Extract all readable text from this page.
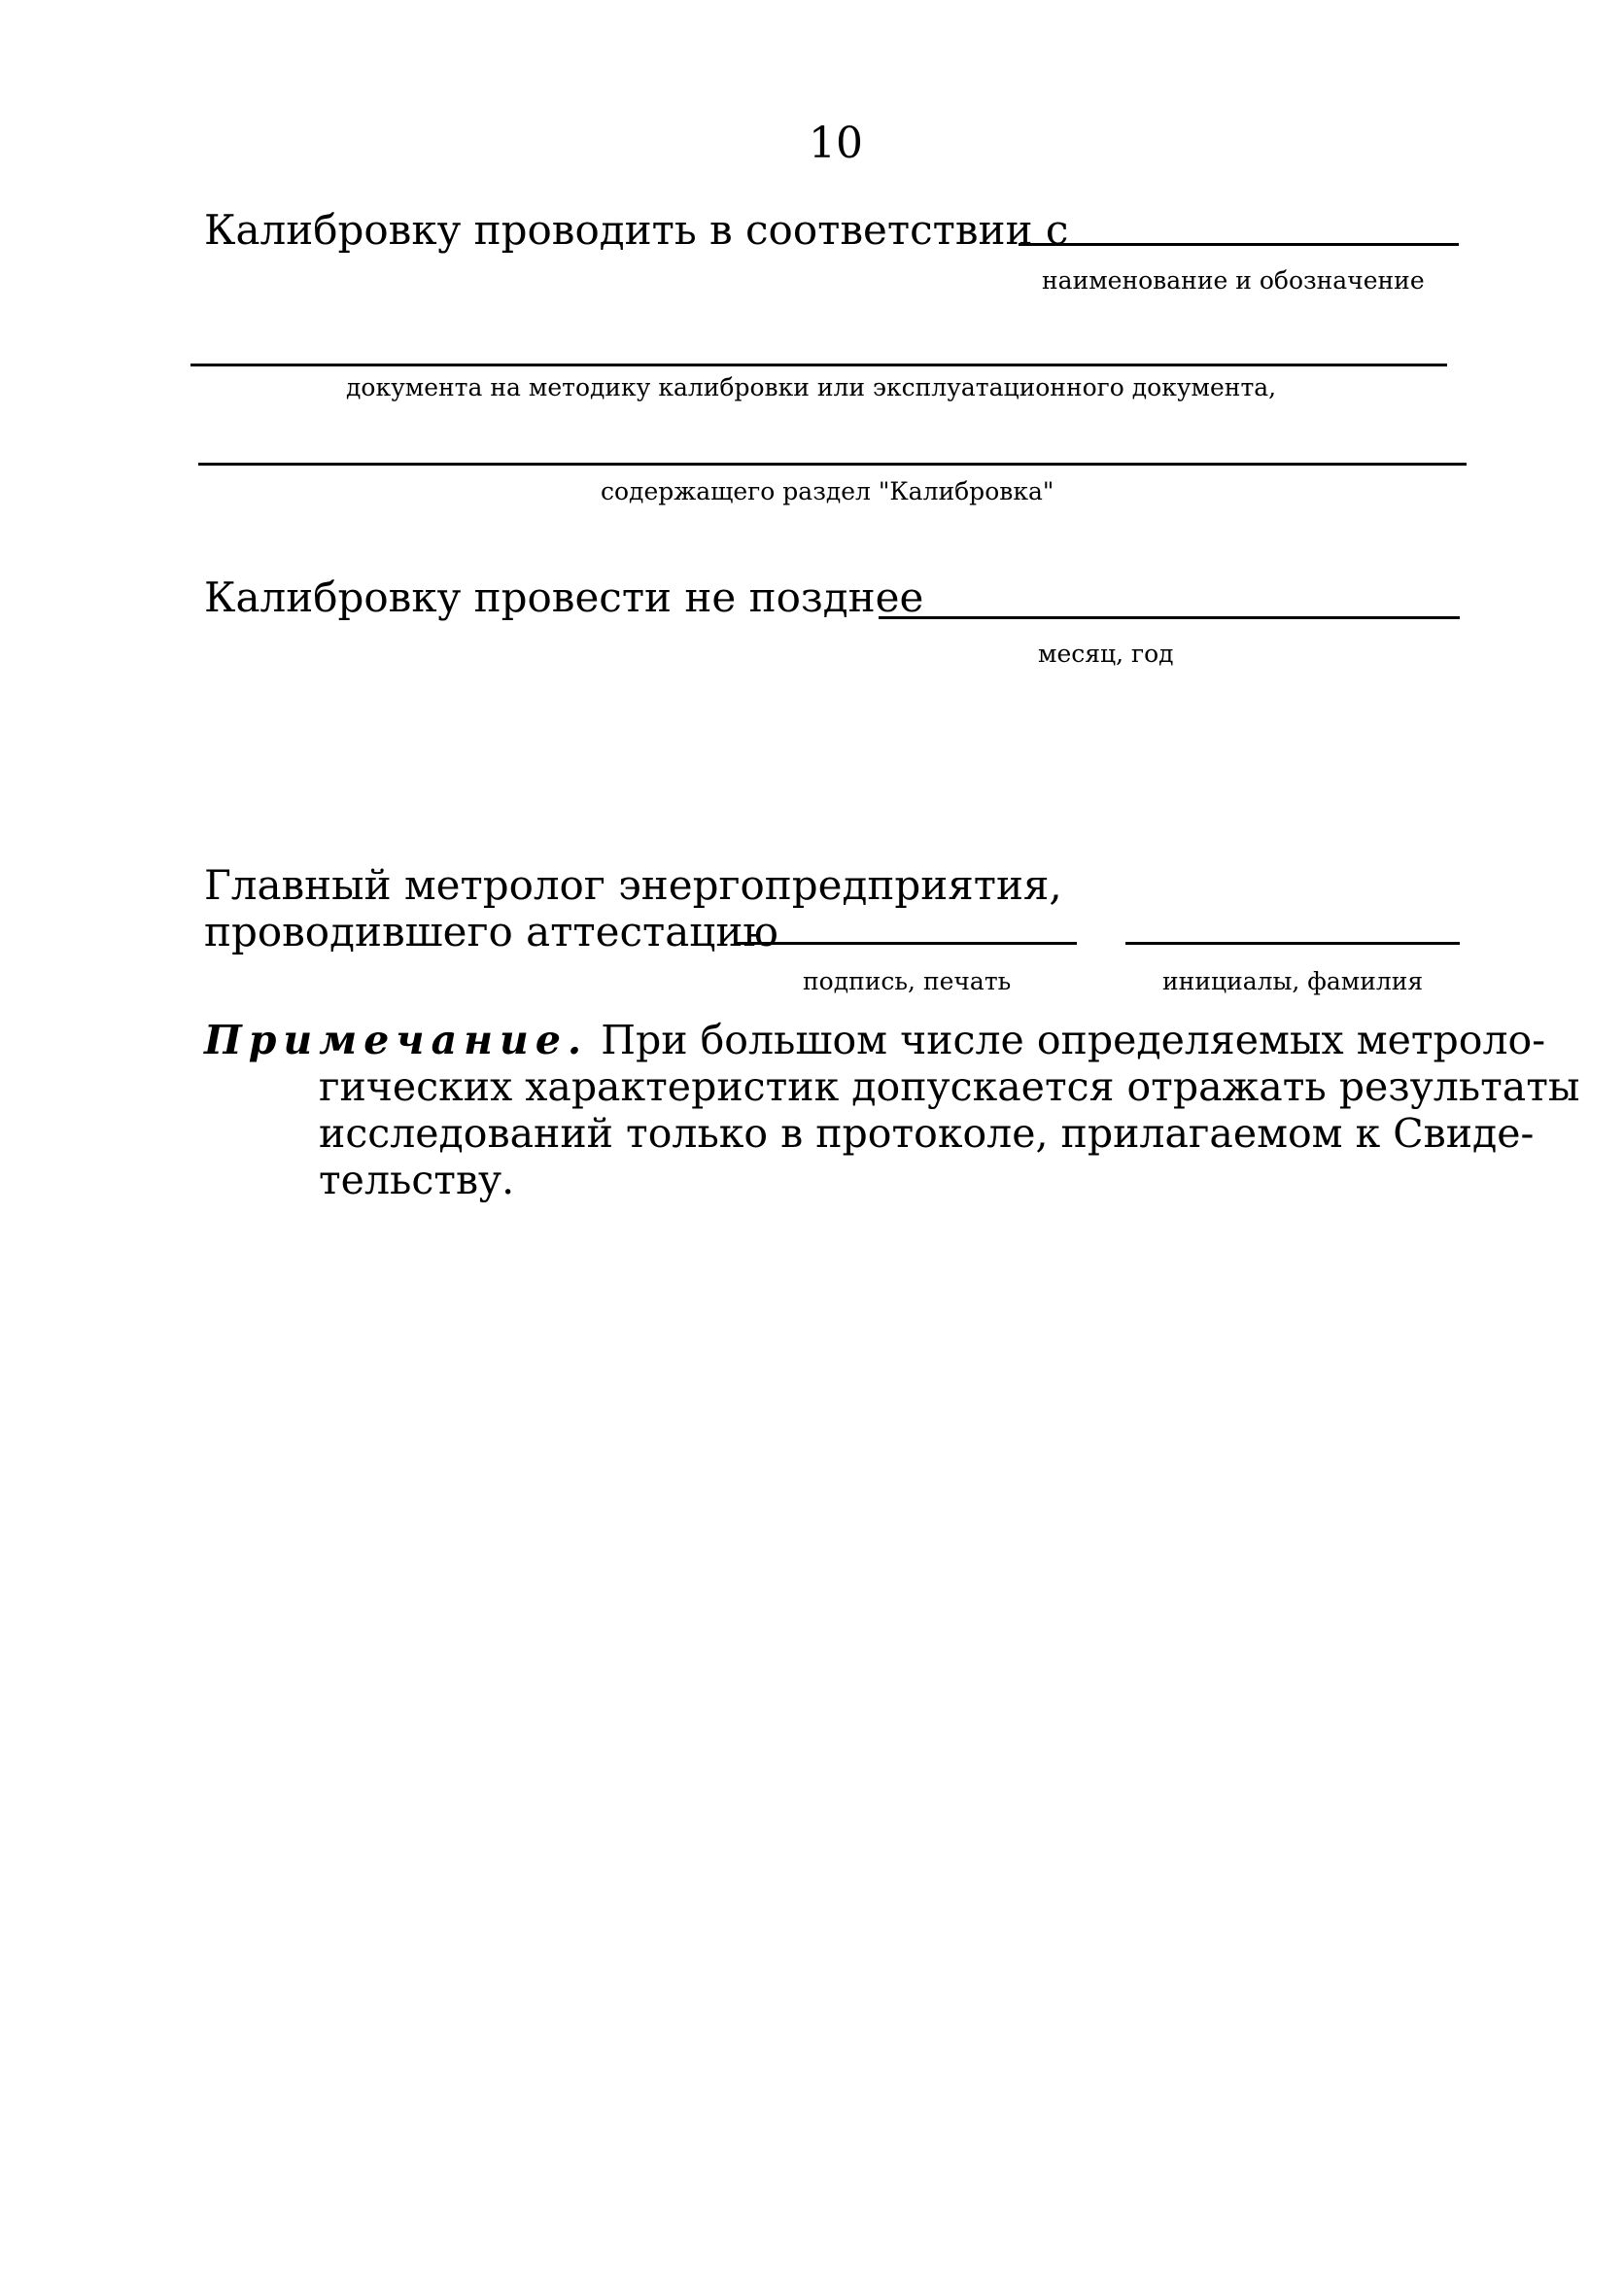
10
Калибровку проводить в соответствии с
наименование и обозначение
документа на методику калибровки или эксплуатационного документа,
содержащего раздел "Калибровка"
Калибровку провести не позднее
месяц, год
Главный метролог энергопредприятия,
проводившего аттестацию
подпись, печать	инициалы, фамилия
Примечание. При большом числе определяемых метроло-
гических характеристик допускается отражать результаты
исследований только в протоколе, прилагаемом к Свиде-
тельству.
